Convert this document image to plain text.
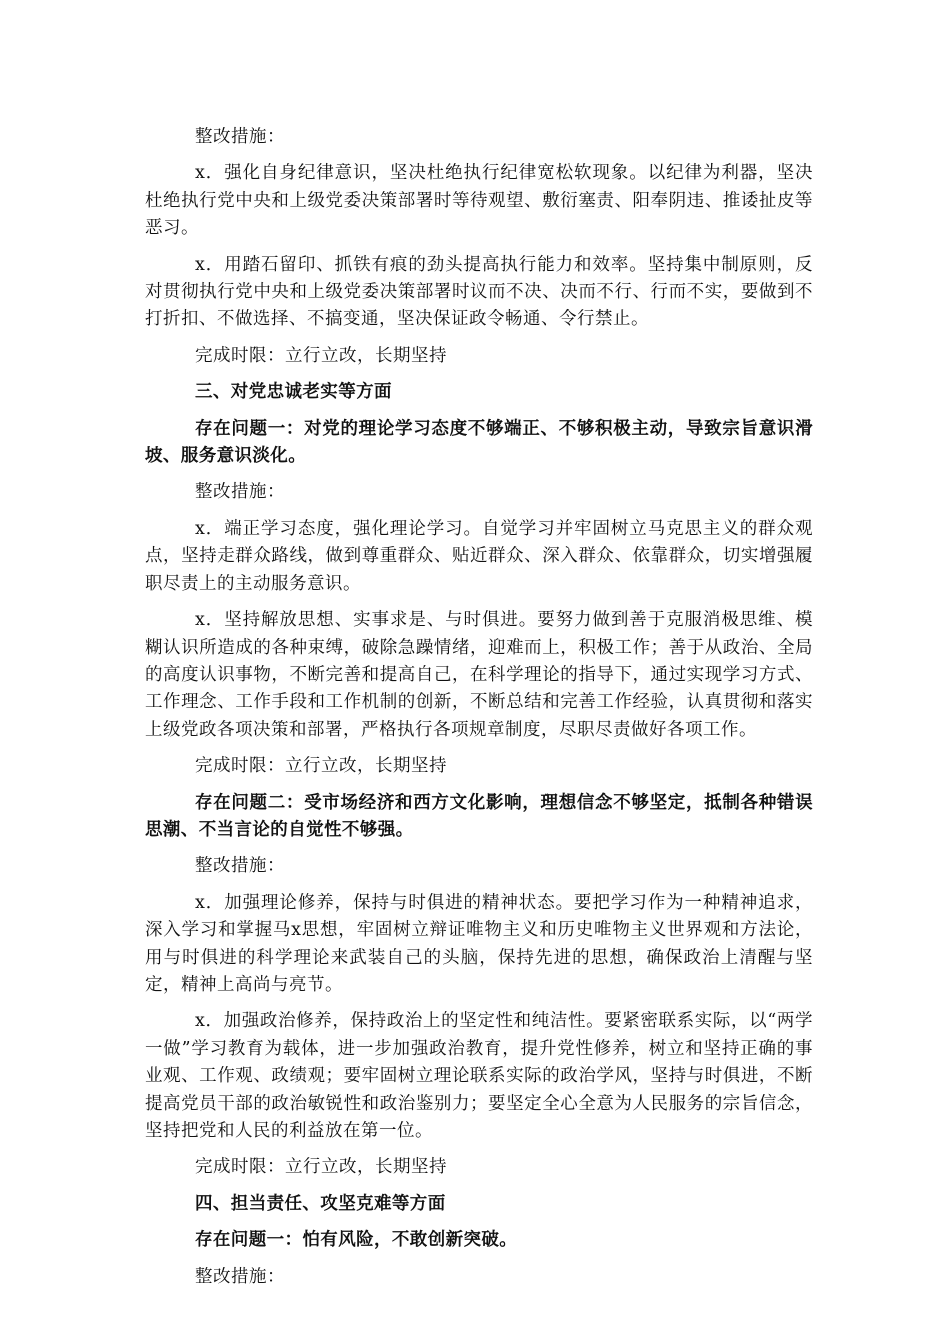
整改措施：

x．强化自身纪律意识，坚决杜绝执行纪律宽松软现象。以纪律为利器，坚决杜绝执行党中央和上级党委决策部署时等待观望、敷衍塞责、阳奉阴违、推诿扯皮等恶习。

x．用踏石留印、抓铁有痕的劲头提高执行能力和效率。坚持集中制原则，反对贯彻执行党中央和上级党委决策部署时议而不决、决而不行、行而不实，要做到不打折扣、不做选择、不搞变通，坚决保证政令畅通、令行禁止。

完成时限：立行立改，长期坚持

三、对党忠诚老实等方面

存在问题一：对党的理论学习态度不够端正、不够积极主动，导致宗旨意识滑坡、服务意识淡化。

整改措施：

x．端正学习态度，强化理论学习。自觉学习并牢固树立马克思主义的群众观点，坚持走群众路线，做到尊重群众、贴近群众、深入群众、依靠群众，切实增强履职尽责上的主动服务意识。

x．坚持解放思想、实事求是、与时俱进。要努力做到善于克服消极思维、模糊认识所造成的各种束缚，破除急躁情绪，迎难而上，积极工作；善于从政治、全局的高度认识事物，不断完善和提高自己，在科学理论的指导下，通过实现学习方式、工作理念、工作手段和工作机制的创新，不断总结和完善工作经验，认真贯彻和落实上级党政各项决策和部署，严格执行各项规章制度，尽职尽责做好各项工作。

完成时限：立行立改，长期坚持

存在问题二：受市场经济和西方文化影响，理想信念不够坚定，抵制各种错误思潮、不当言论的自觉性不够强。

整改措施：

x．加强理论修养，保持与时俱进的精神状态。要把学习作为一种精神追求，深入学习和掌握马x思想，牢固树立辩证唯物主义和历史唯物主义世界观和方法论，用与时俱进的科学理论来武装自己的头脑，保持先进的思想，确保政治上清醒与坚定，精神上高尚与亮节。

x．加强政治修养，保持政治上的坚定性和纯洁性。要紧密联系实际，以“两学一做”学习教育为载体，进一步加强政治教育，提升党性修养，树立和坚持正确的事业观、工作观、政绩观；要牢固树立理论联系实际的政治学风，坚持与时俱进，不断提高党员干部的政治敏锐性和政治鉴别力；要坚定全心全意为人民服务的宗旨信念，坚持把党和人民的利益放在第一位。

完成时限：立行立改，长期坚持

四、担当责任、攻坚克难等方面

存在问题一：怕有风险，不敢创新突破。

整改措施：
